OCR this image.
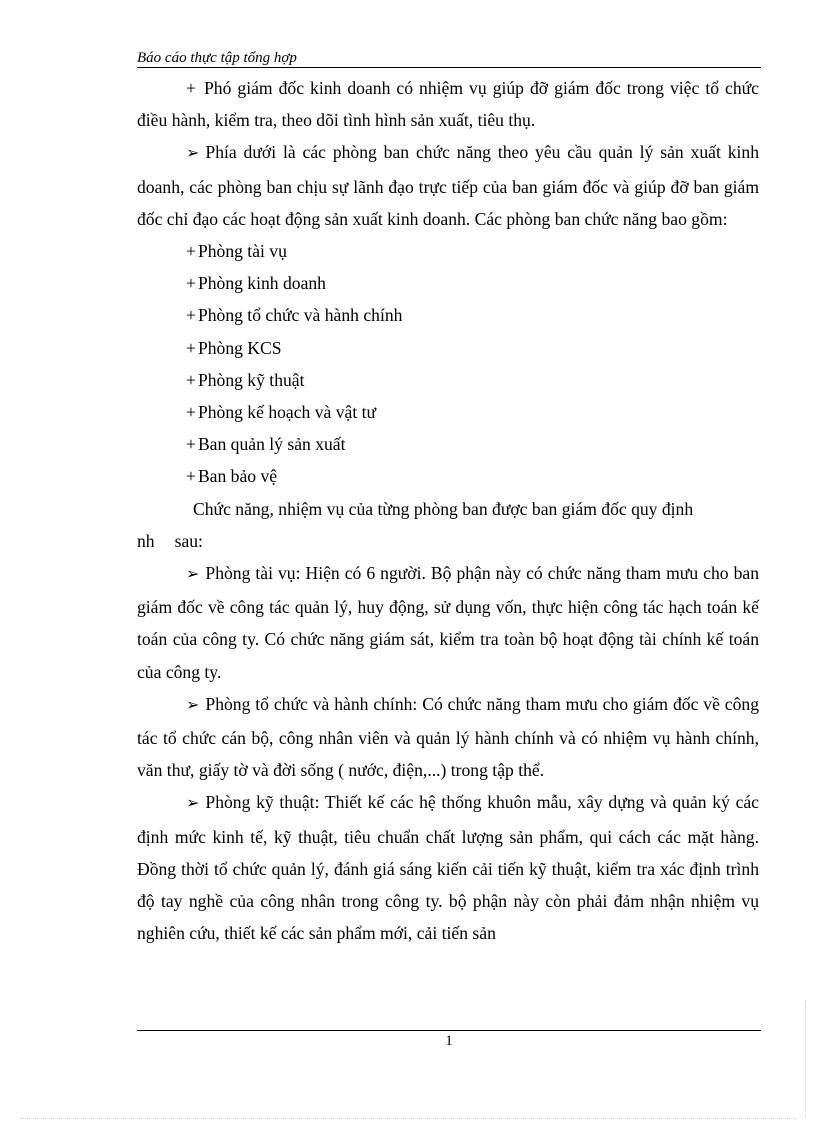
Báo cáo thực tập tổng hợp

+ Phó giám đốc kinh doanh có nhiệm vụ giúp đỡ giám đốc trong việc tổ chức điều hành, kiểm tra, theo dõi tình hình sản xuất, tiêu thụ.

➢ Phía dưới là các phòng ban chức năng theo yêu cầu quản lý sản xuất kinh doanh, các phòng ban chịu sự lãnh đạo trực tiếp của ban giám đốc và giúp đỡ ban giám đốc chỉ đạo các hoạt động sản xuất kinh doanh. Các phòng ban chức năng bao gồm:

+ Phòng tài vụ

+ Phòng kinh doanh

+ Phòng tổ chức và hành chính

+ Phòng KCS

+ Phòng kỹ thuật

+ Phòng kế hoạch và vật tư

+ Ban quản lý sản xuất

+ Ban bảo vệ

Chức năng, nhiệm vụ của từng phòng ban được ban giám đốc quy định

nh sau:

➢ Phòng tài vụ: Hiện có 6 người. Bộ phận này có chức năng tham mưu cho ban giám đốc về công tác quản lý, huy động, sử dụng vốn, thực hiện công tác hạch toán kế toán của công ty. Có chức năng giám sát, kiểm tra toàn bộ hoạt động tài chính kế toán của công ty.

➢ Phòng tổ chức và hành chính: Có chức năng tham mưu cho giám đốc về công tác tổ chức cán bộ, công nhân viên và quản lý hành chính và có nhiệm vụ hành chính, văn thư, giấy tờ và đời sống ( nước, điện,...) trong tập thể.

➢ Phòng kỹ thuật: Thiết kế các hệ thống khuôn mẫu, xây dựng và quản ký các định mức kinh tế, kỹ thuật, tiêu chuẩn chất lượng sản phẩm, qui cách các mặt hàng. Đồng thời tổ chức quản lý, đánh giá sáng kiến cải tiến kỹ thuật, kiểm tra xác định trình độ tay nghề của công nhân trong công ty. bộ phận này còn phải đảm nhận nhiệm vụ nghiên cứu, thiết kế các sản phẩm mới, cải tiến sản

1
